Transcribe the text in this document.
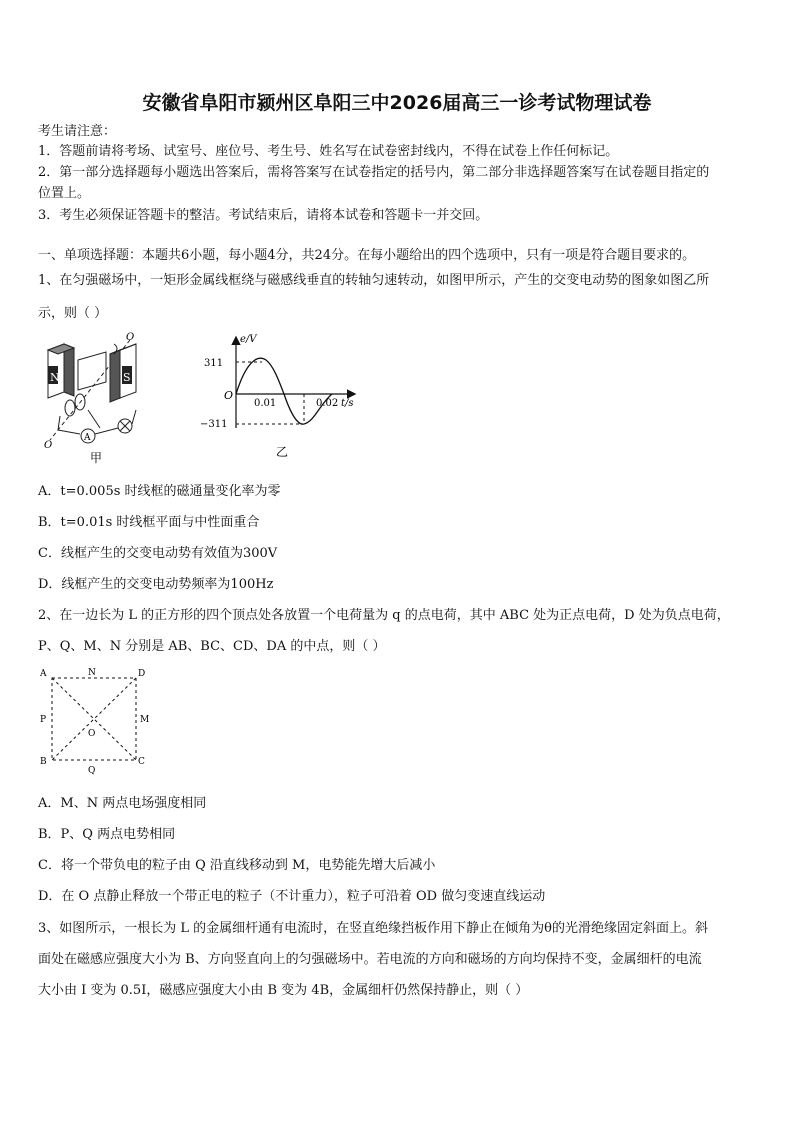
安徽省阜阳市颍州区阜阳三中2026届高三一诊考试物理试卷
考生请注意：
1．答题前请将考场、试室号、座位号、考生号、姓名写在试卷密封线内，不得在试卷上作任何标记。
2．第一部分选择题每小题选出答案后，需将答案写在试卷指定的括号内，第二部分非选择题答案写在试卷题目指定的
位置上。
3．考生必须保证答题卡的整洁。考试结束后，请将本试卷和答题卡一并交回。
一、单项选择题：本题共6小题，每小题4分，共24分。在每小题给出的四个选项中，只有一项是符合题目要求的。
1、在匀强磁场中，一矩形金属线框绕与磁感线垂直的转轴匀速转动，如图甲所示，产生的交变电动势的图象如图乙所
示，则（ ）
N	S
O
A
O
甲
e/V
t/s
O
311
−311
0.01	0.02
乙
A．t=0.005s 时线框的磁通量变化率为零
B．t=0.01s 时线框平面与中性面重合
C．线框产生的交变电动势有效值为300V
D．线框产生的交变电动势频率为100Hz
2、在一边长为 L 的正方形的四个顶点处各放置一个电荷量为 q 的点电荷，其中 ABC 处为正点电荷，D 处为负点电荷，
P、Q、M、N 分别是 AB、BC、CD、DA 的中点，则（ ）
A	N	D
P	M
O
B	C
Q
A．M、N 两点电场强度相同
B．P、Q 两点电势相同
C．将一个带负电的粒子由 Q 沿直线移动到 M，电势能先增大后减小
D．在 O 点静止释放一个带正电的粒子（不计重力），粒子可沿着 OD 做匀变速直线运动
3、如图所示，一根长为 L 的金属细杆通有电流时，在竖直绝缘挡板作用下静止在倾角为θ的光滑绝缘固定斜面上。斜
面处在磁感应强度大小为 B、方向竖直向上的匀强磁场中。若电流的方向和磁场的方向均保持不变，金属细杆的电流
大小由 I 变为 0.5I，磁感应强度大小由 B 变为 4B，金属细杆仍然保持静止，则（ ）
